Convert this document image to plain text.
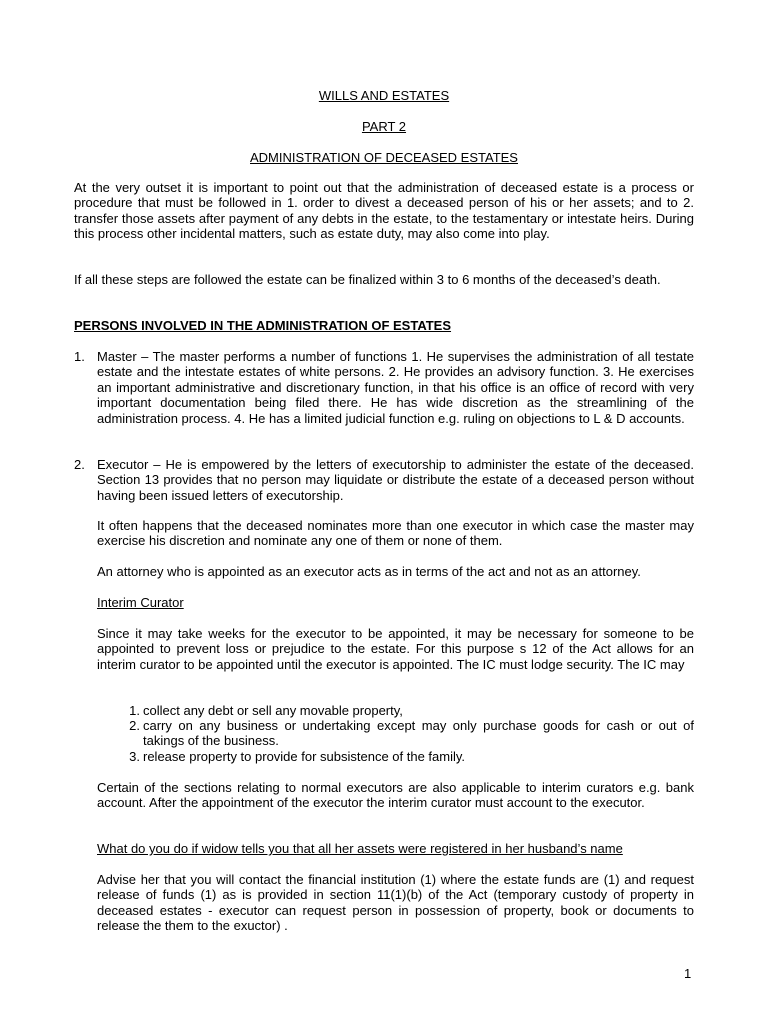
WILLS AND ESTATES
PART 2
ADMINISTRATION OF DECEASED ESTATES
At the very outset it is important to point out that the administration of deceased estate is a process or procedure that must be followed in 1. order to divest a deceased person of his or her assets; and to 2. transfer those assets after payment of any debts in the estate, to the testamentary or intestate heirs. During this process other incidental matters, such as estate duty, may also come into play.
If all these steps are followed the estate can be finalized within 3 to 6 months of the deceased’s death.
PERSONS INVOLVED IN THE ADMINISTRATION OF ESTATES
1. Master – The master performs a number of functions 1. He supervises the administration of all testate estate and the intestate estates of white persons. 2. He provides an advisory function. 3. He exercises an important administrative and discretionary function, in that his office is an office of record with very important documentation being filed there. He has wide discretion as the streamlining of the administration process. 4. He has a limited judicial function e.g. ruling on objections to L & D accounts.
2. Executor – He is empowered by the letters of executorship to administer the estate of the deceased. Section 13 provides that no person may liquidate or distribute the estate of a deceased person without having been issued letters of executorship.
It often happens that the deceased nominates more than one executor in which case the master may exercise his discretion and nominate any one of them or none of them.
An attorney who is appointed as an executor acts as in terms of the act and not as an attorney.
Interim Curator
Since it may take weeks for the executor to be appointed, it may be necessary for someone to be appointed to prevent loss or prejudice to the estate. For this purpose s 12 of the Act allows for an interim curator to be appointed until the executor is appointed. The IC must lodge security. The IC may
1. collect any debt or sell any movable property,
2. carry on any business or undertaking except may only purchase goods for cash or out of takings of the business.
3. release property to provide for subsistence of the family.
Certain of the sections relating to normal executors are also applicable to interim curators e.g. bank account. After the appointment of the executor the interim curator must account to the executor.
What do you do if widow tells you that all her assets were registered in her husband’s name
Advise her that you will contact the financial institution (1) where the estate funds are (1) and request release of funds (1) as is provided in section 11(1)(b) of the Act (temporary custody of property in deceased estates - executor can request person in possession of property, book or documents to release the them to the exuctor) .
1
